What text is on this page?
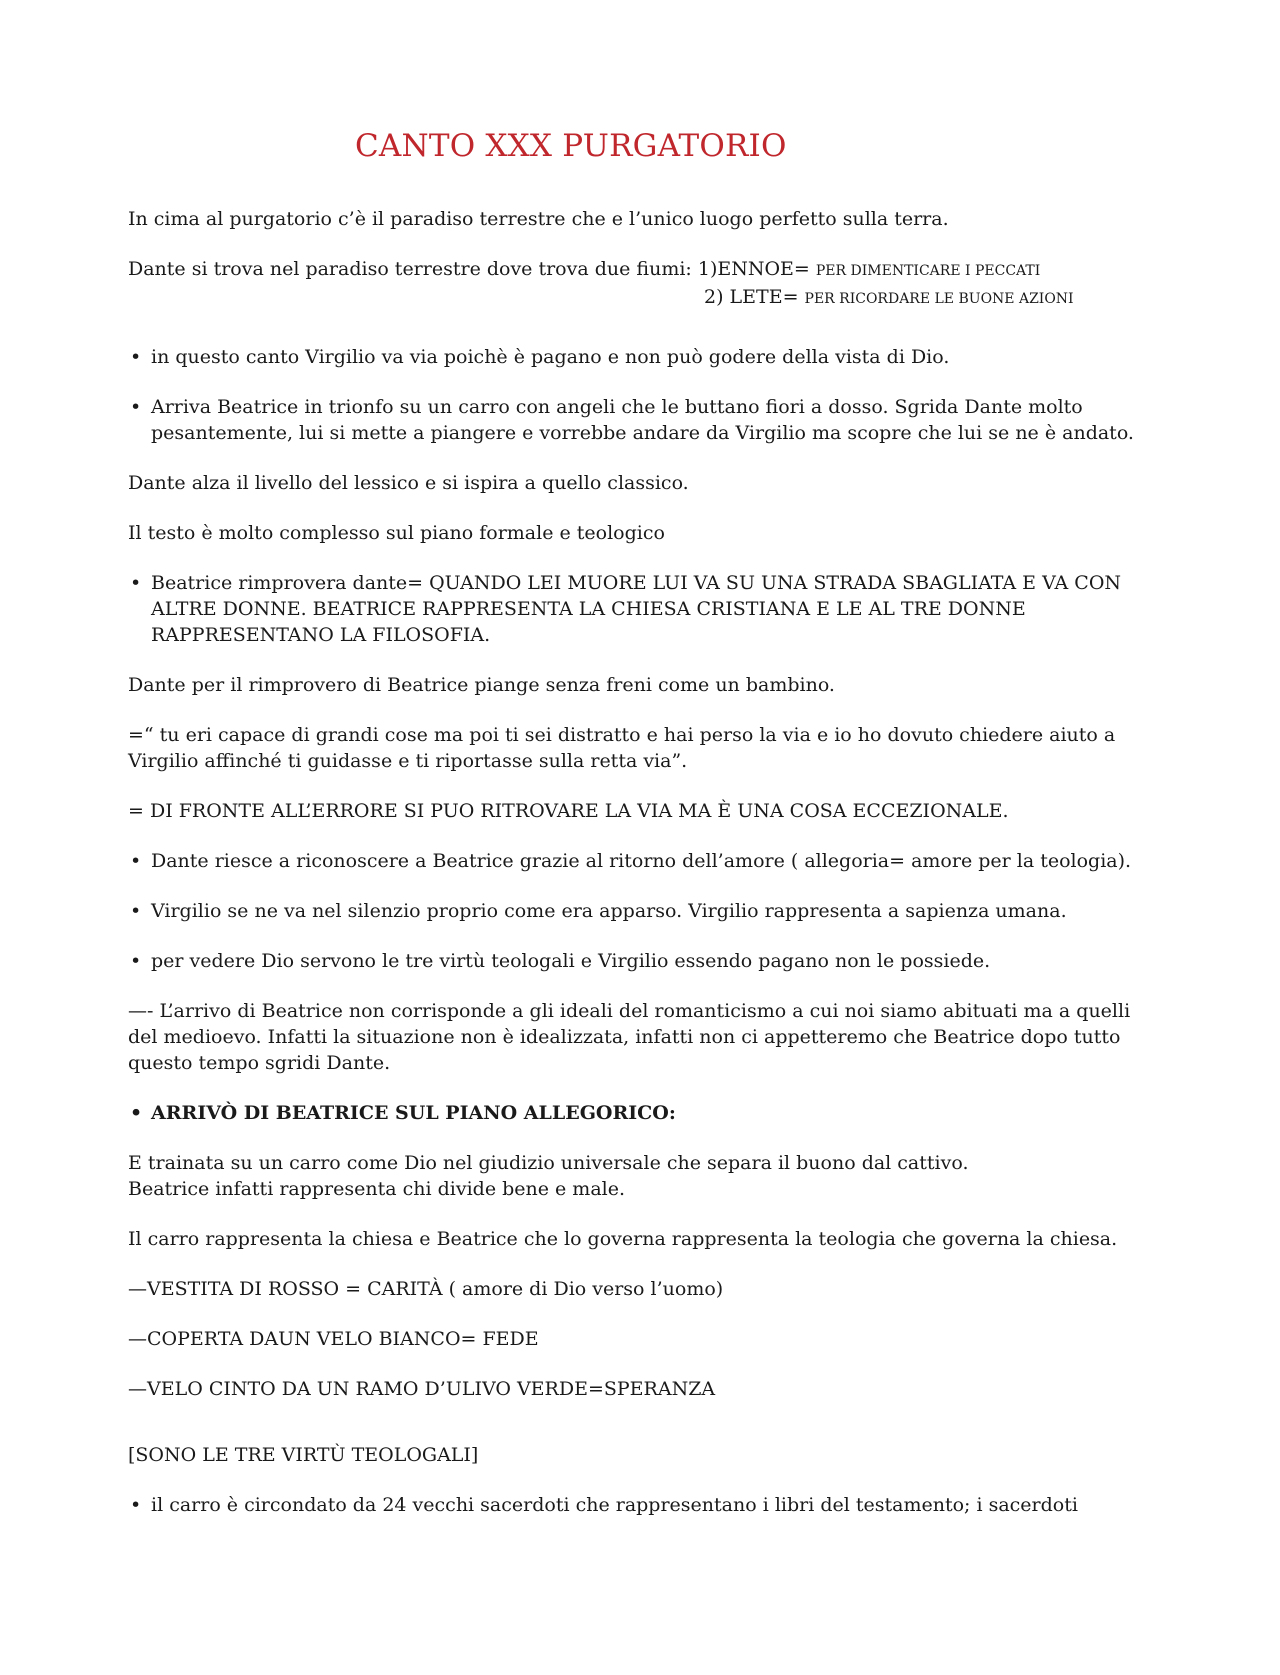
CANTO XXX PURGATORIO

In cima al purgatorio c’è il paradiso terrestre che e l’unico luogo perfetto sulla terra.

Dante si trova nel paradiso terrestre dove trova due fiumi: 1)ENNOE= PER DIMENTICARE I PECCATI
2) LETE= PER RICORDARE LE BUONE AZIONI
• in questo canto Virgilio va via poichè è pagano e non può godere della vista di Dio.
• Arriva Beatrice in trionfo su un carro con angeli che le buttano fiori a dosso. Sgrida Dante molto pesantemente, lui si mette a piangere e vorrebbe andare da Virgilio ma scopre che lui se ne è andato.

Dante alza il livello del lessico e si ispira a quello classico.

Il testo è molto complesso sul piano formale e teologico

• Beatrice rimprovera dante= QUANDO LEI MUORE LUI VA SU UNA STRADA SBAGLIATA E VA CON ALTRE DONNE. BEATRICE RAPPRESENTA LA CHIESA CRISTIANA E LE AL TRE DONNE RAPPRESENTANO LA FILOSOFIA.

Dante per il rimprovero di Beatrice piange senza freni come un bambino.

=“ tu eri capace di grandi cose ma poi ti sei distratto e hai perso la via e io ho dovuto chiedere aiuto a Virgilio affinché ti guidasse e ti riportasse sulla retta via”.

= DI FRONTE ALL’ERRORE SI PUO RITROVARE LA VIA MA È UNA COSA ECCEZIONALE.

• Dante riesce a riconoscere a Beatrice grazie al ritorno dell’amore ( allegoria= amore per la teologia).
• Virgilio se ne va nel silenzio proprio come era apparso. Virgilio rappresenta a sapienza umana.
• per vedere Dio servono le tre virtù teologali e Virgilio essendo pagano non le possiede.

—- L’arrivo di Beatrice non corrisponde a gli ideali del romanticismo a cui noi siamo abituati ma a quelli del medioevo. Infatti la situazione non è idealizzata, infatti non ci appetteremo che Beatrice dopo tutto questo tempo sgridi Dante.

• ARRIVÒ DI BEATRICE SUL PIANO ALLEGORICO:

E trainata su un carro come Dio nel giudizio universale che separa il buono dal cattivo.
Beatrice infatti rappresenta chi divide bene e male.

Il carro rappresenta la chiesa e Beatrice che lo governa rappresenta la teologia che governa la chiesa.

—VESTITA DI ROSSO = CARITÀ ( amore di Dio verso l’uomo)

—COPERTA DAUN VELO BIANCO= FEDE

—VELO CINTO DA UN RAMO D’ULIVO VERDE=SPERANZA

[SONO LE TRE VIRTÙ TEOLOGALI]

• il carro è circondato da 24 vecchi sacerdoti che rappresentano i libri del testamento; i sacerdoti
